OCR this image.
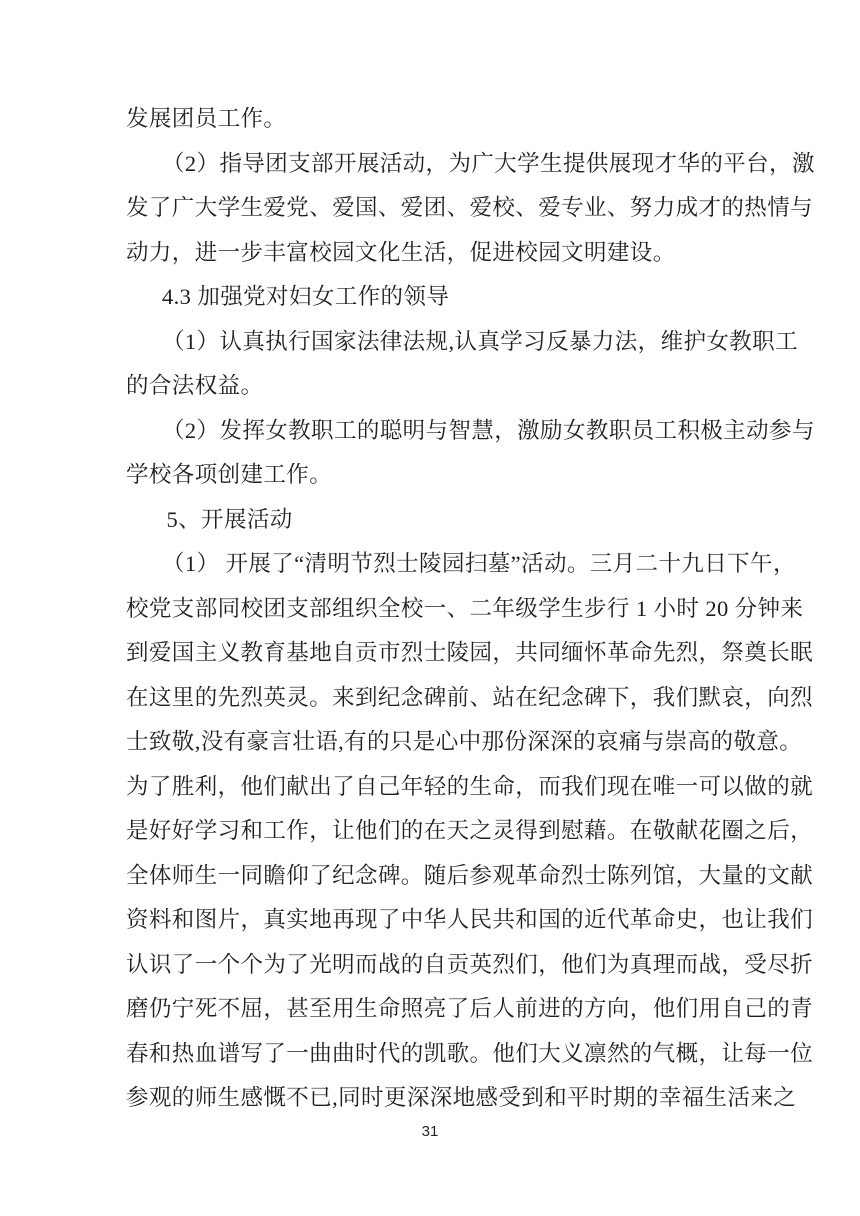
发展团员工作。
（2）指导团支部开展活动，为广大学生提供展现才华的平台，激
发了广大学生爱党、爱国、爱团、爱校、爱专业、努力成才的热情与
动力，进一步丰富校园文化生活，促进校园文明建设。
4.3 加强党对妇女工作的领导
（1）认真执行国家法律法规,认真学习反暴力法，维护女教职工
的合法权益。
（2）发挥女教职工的聪明与智慧，激励女教职员工积极主动参与
学校各项创建工作。
5、开展活动
（1） 开展了“清明节烈士陵园扫墓”活动。三月二十九日下午，
校党支部同校团支部组织全校一、二年级学生步行 1 小时 20 分钟来
到爱国主义教育基地自贡市烈士陵园，共同缅怀革命先烈，祭奠长眠
在这里的先烈英灵。来到纪念碑前、站在纪念碑下，我们默哀，向烈
士致敬,没有豪言壮语,有的只是心中那份深深的哀痛与崇高的敬意。
为了胜利，他们献出了自己年轻的生命，而我们现在唯一可以做的就
是好好学习和工作，让他们的在天之灵得到慰藉。在敬献花圈之后，
全体师生一同瞻仰了纪念碑。随后参观革命烈士陈列馆，大量的文献
资料和图片，真实地再现了中华人民共和国的近代革命史，也让我们
认识了一个个为了光明而战的自贡英烈们，他们为真理而战，受尽折
磨仍宁死不屈，甚至用生命照亮了后人前进的方向，他们用自己的青
春和热血谱写了一曲曲时代的凯歌。他们大义凛然的气概，让每一位
参观的师生感慨不已,同时更深深地感受到和平时期的幸福生活来之
31
